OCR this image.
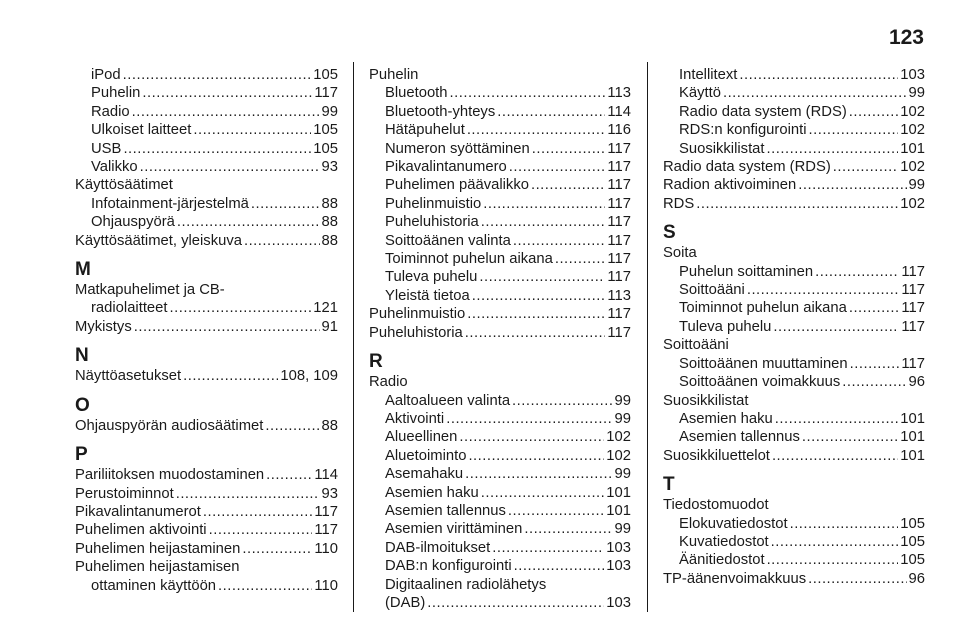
123
iPod .....	105
Puhelin .....	117
Radio .....	99
Ulkoiset laitteet .....	105
USB .....	105
Valikko .....	93
Käyttösäätimet
Infotainment-järjestelmä .....	88
Ohjauspyörä .....	88
Käyttösäätimet, yleiskuva .....	88
M
Matkapuhelimet ja CB-
radiolaitteet .....	121
Mykistys .....	91
N
Näyttöasetukset .....	108, 109
O
Ohjauspyörän audiosäätimet .....	88
P
Pariliitoksen muodostaminen .....	114
Perustoiminnot .....	93
Pikavalintanumerot .....	117
Puhelimen aktivointi .....	117
Puhelimen heijastaminen .....	110
Puhelimen heijastamisen
ottaminen käyttöön .....	110
Puhelin
Bluetooth .....	113
Bluetooth-yhteys .....	114
Hätäpuhelut .....	116
Numeron syöttäminen .....	117
Pikavalintanumero .....	117
Puhelimen päävalikko .....	117
Puhelinmuistio .....	117
Puheluhistoria .....	117
Soittoäänen valinta .....	117
Toiminnot puhelun aikana .....	117
Tuleva puhelu .....	117
Yleistä tietoa .....	113
Puhelinmuistio .....	117
Puheluhistoria .....	117
R
Radio
Aaltoalueen valinta .....	99
Aktivointi .....	99
Alueellinen .....	102
Aluetoiminto .....	102
Asemahaku .....	99
Asemien haku .....	101
Asemien tallennus .....	101
Asemien virittäminen .....	99
DAB-ilmoitukset .....	103
DAB:n konfigurointi .....	103
Digitaalinen radiolähetys
(DAB) .....	103
Intellitext .....	103
Käyttö .....	99
Radio data system (RDS) .....	102
RDS:n konfigurointi .....	102
Suosikkilistat .....	101
Radio data system (RDS) .....	102
Radion aktivoiminen .....	99
RDS .....	102
S
Soita
Puhelun soittaminen .....	117
Soittoääni .....	117
Toiminnot puhelun aikana .....	117
Tuleva puhelu .....	117
Soittoääni
Soittoäänen muuttaminen .....	117
Soittoäänen voimakkuus .....	96
Suosikkilistat
Asemien haku .....	101
Asemien tallennus .....	101
Suosikkiluettelot .....	101
T
Tiedostomuodot
Elokuvatiedostot .....	105
Kuvatiedostot .....	105
Äänitiedostot .....	105
TP-äänenvoimakkuus .....	96
